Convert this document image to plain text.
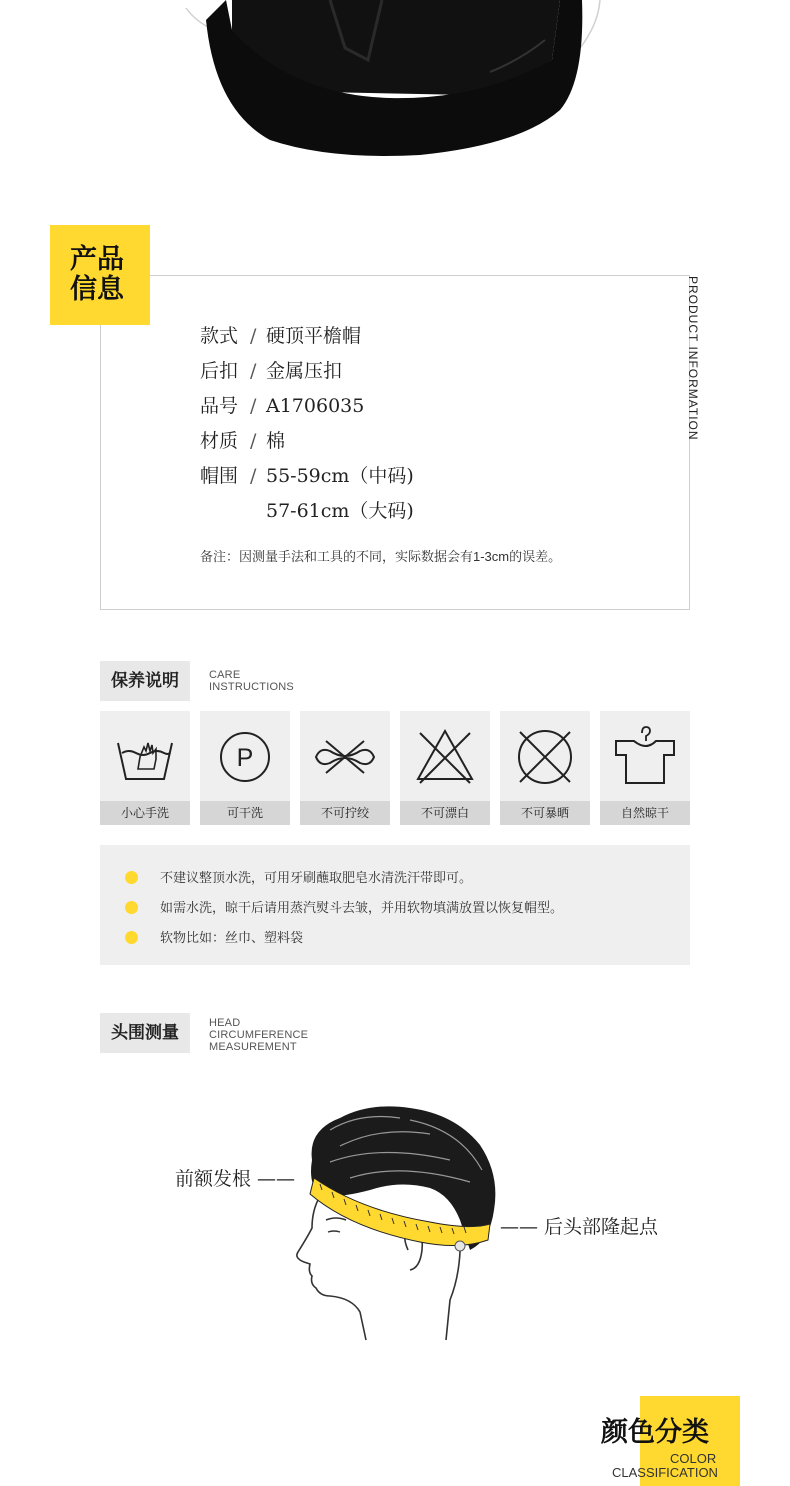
产品
信息	PRODUCT INFORMATION
款式 / 硬顶平檐帽
后扣 / 金属压扣
品号 / A1706035
材质 / 棉
帽围 / 55-59cm（中码)
57-61cm（大码)
备注：因测量手法和工具的不同，实际数据会有1-3cm的误差。
保养说明	CARE
INSTRUCTIONS
小心手洗
P
可干洗	不可拧绞	不可漂白	不可暴晒	自然晾干
不建议整顶水洗，可用牙刷蘸取肥皂水清洗汗带即可。
如需水洗，晾干后请用蒸汽熨斗去皱，并用软物填满放置以恢复帽型。
软物比如：丝巾、塑料袋
头围测量	HEAD
CIRCUMFERENCE
MEASUREMENT
前额发根 ——
—— 后头部隆起点
颜色分类
COLOR
CLASSIFICATION
